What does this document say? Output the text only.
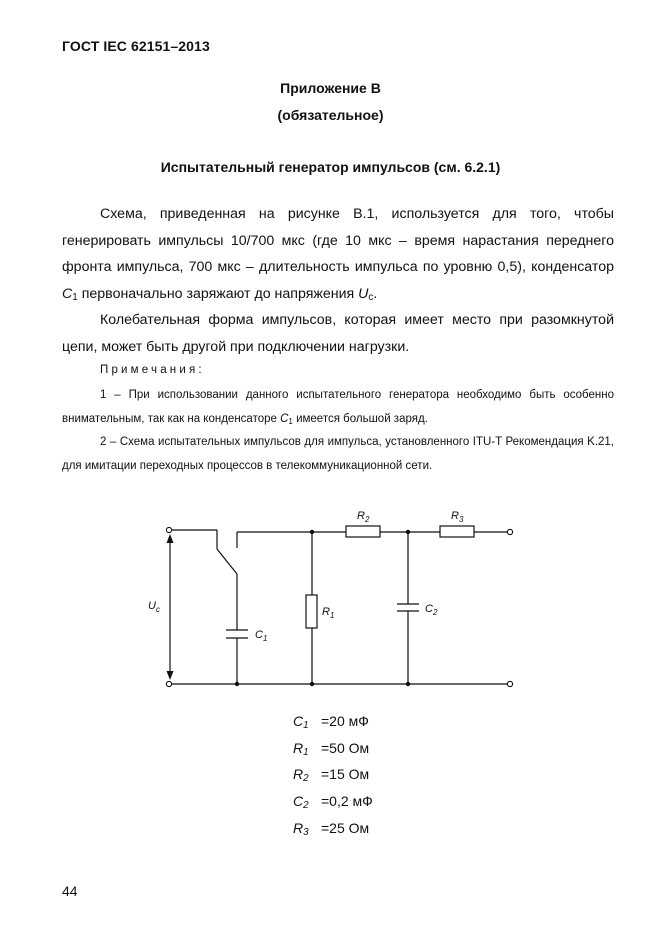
ГОСТ IEC 62151–2013
Приложение В
(обязательное)
Испытательный генератор импульсов (см. 6.2.1)

Схема, приведенная на рисунке В.1, используется для того, чтобы генерировать импульсы 10/700 мкс (где 10 мкс – время нарастания переднего фронта импульса, 700 мкс – длительность импульса по уровню 0,5), конденсатор $C_1$ первоначально заряжают до напряжения $U_c$.

Колебательная форма импульсов, которая имеет место при разомкнутой цепи, может быть другой при подключении нагрузки.

Примечания:

1 – При использовании данного испытательного генератора необходимо быть особенно внимательным, так как на конденсаторе $C_1$ имеется большой заряд.

2 – Схема испытательных импульсов для импульса, установленного ITU-T Рекомендация K.21, для имитации переходных процессов в телекоммуникационной сети.

$U_c$
$C_1$
$R_1$
$R_2$	$R_3$
$C_2$
$C_1 =20$ мФ
$R_1 =50$ Ом
$R_2 =15$ Ом
$C_2 =0,2$ мФ
$R_3 =25$ Ом
44
